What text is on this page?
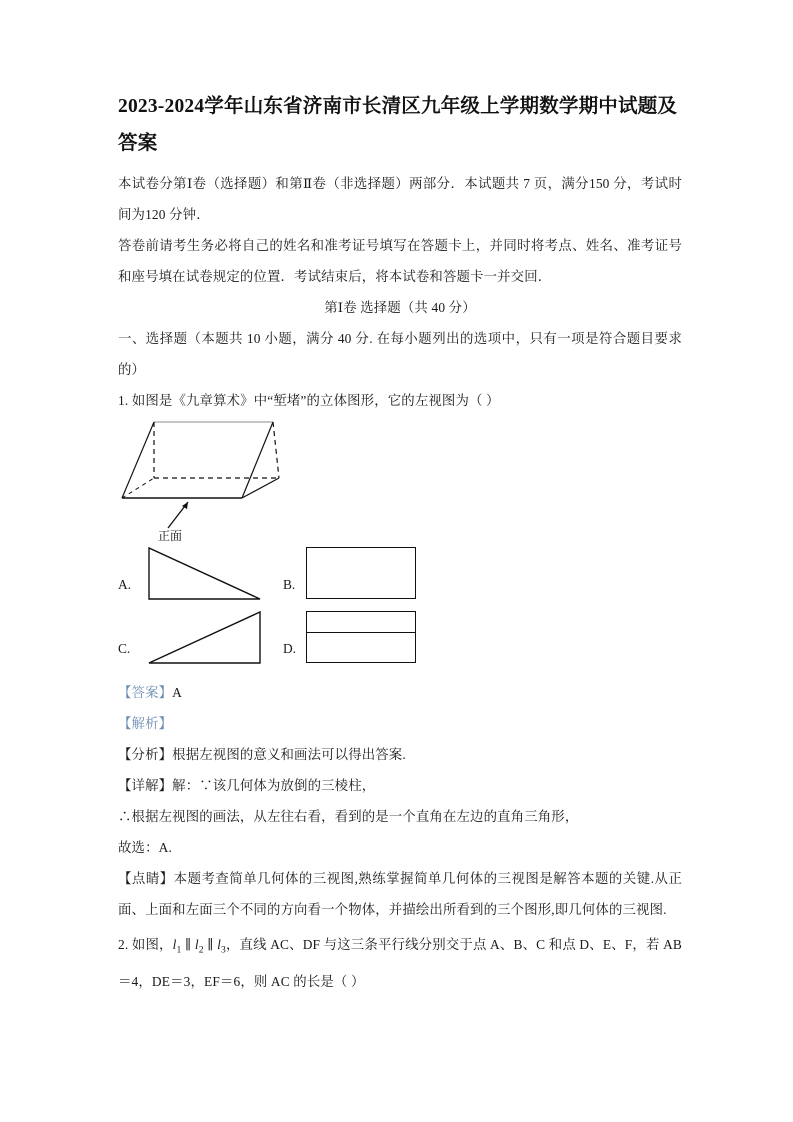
2023-2024学年山东省济南市长清区九年级上学期数学期中试题及答案

本试卷分第Ⅰ卷（选择题）和第Ⅱ卷（非选择题）两部分．本试题共 7 页，满分150 分，考试时间为120 分钟．

答卷前请考生务必将自己的姓名和准考证号填写在答题卡上，并同时将考点、姓名、准考证号和座号填在试卷规定的位置．考试结束后，将本试卷和答题卡一并交回．

第Ⅰ卷 选择题（共 40 分）

一、选择题（本题共 10 小题，满分 40 分. 在每小题列出的选项中，只有一项是符合题目要求的）

1. 如图是《九章算术》中“堑堵”的立体图形，它的左视图为（ ）

正面
A.	B.
C.	D.

【答案】A

【解析】

【分析】根据左视图的意义和画法可以得出答案.

【详解】解：∵该几何体为放倒的三棱柱，

∴根据左视图的画法，从左往右看，看到的是一个直角在左边的直角三角形，

故选：A.

【点睛】本题考查简单几何体的三视图,熟练掌握简单几何体的三视图是解答本题的关键.从正面、上面和左面三个不同的方向看一个物体，并描绘出所看到的三个图形,即几何体的三视图.

2. 如图，$l_1$ ∥ $l_2$ ∥ $l_3$，直线 AC、DF 与这三条平行线分别交于点 A、B、C 和点 D、E、F，若 AB＝4，DE＝3，EF＝6，则 AC 的长是（ ）
